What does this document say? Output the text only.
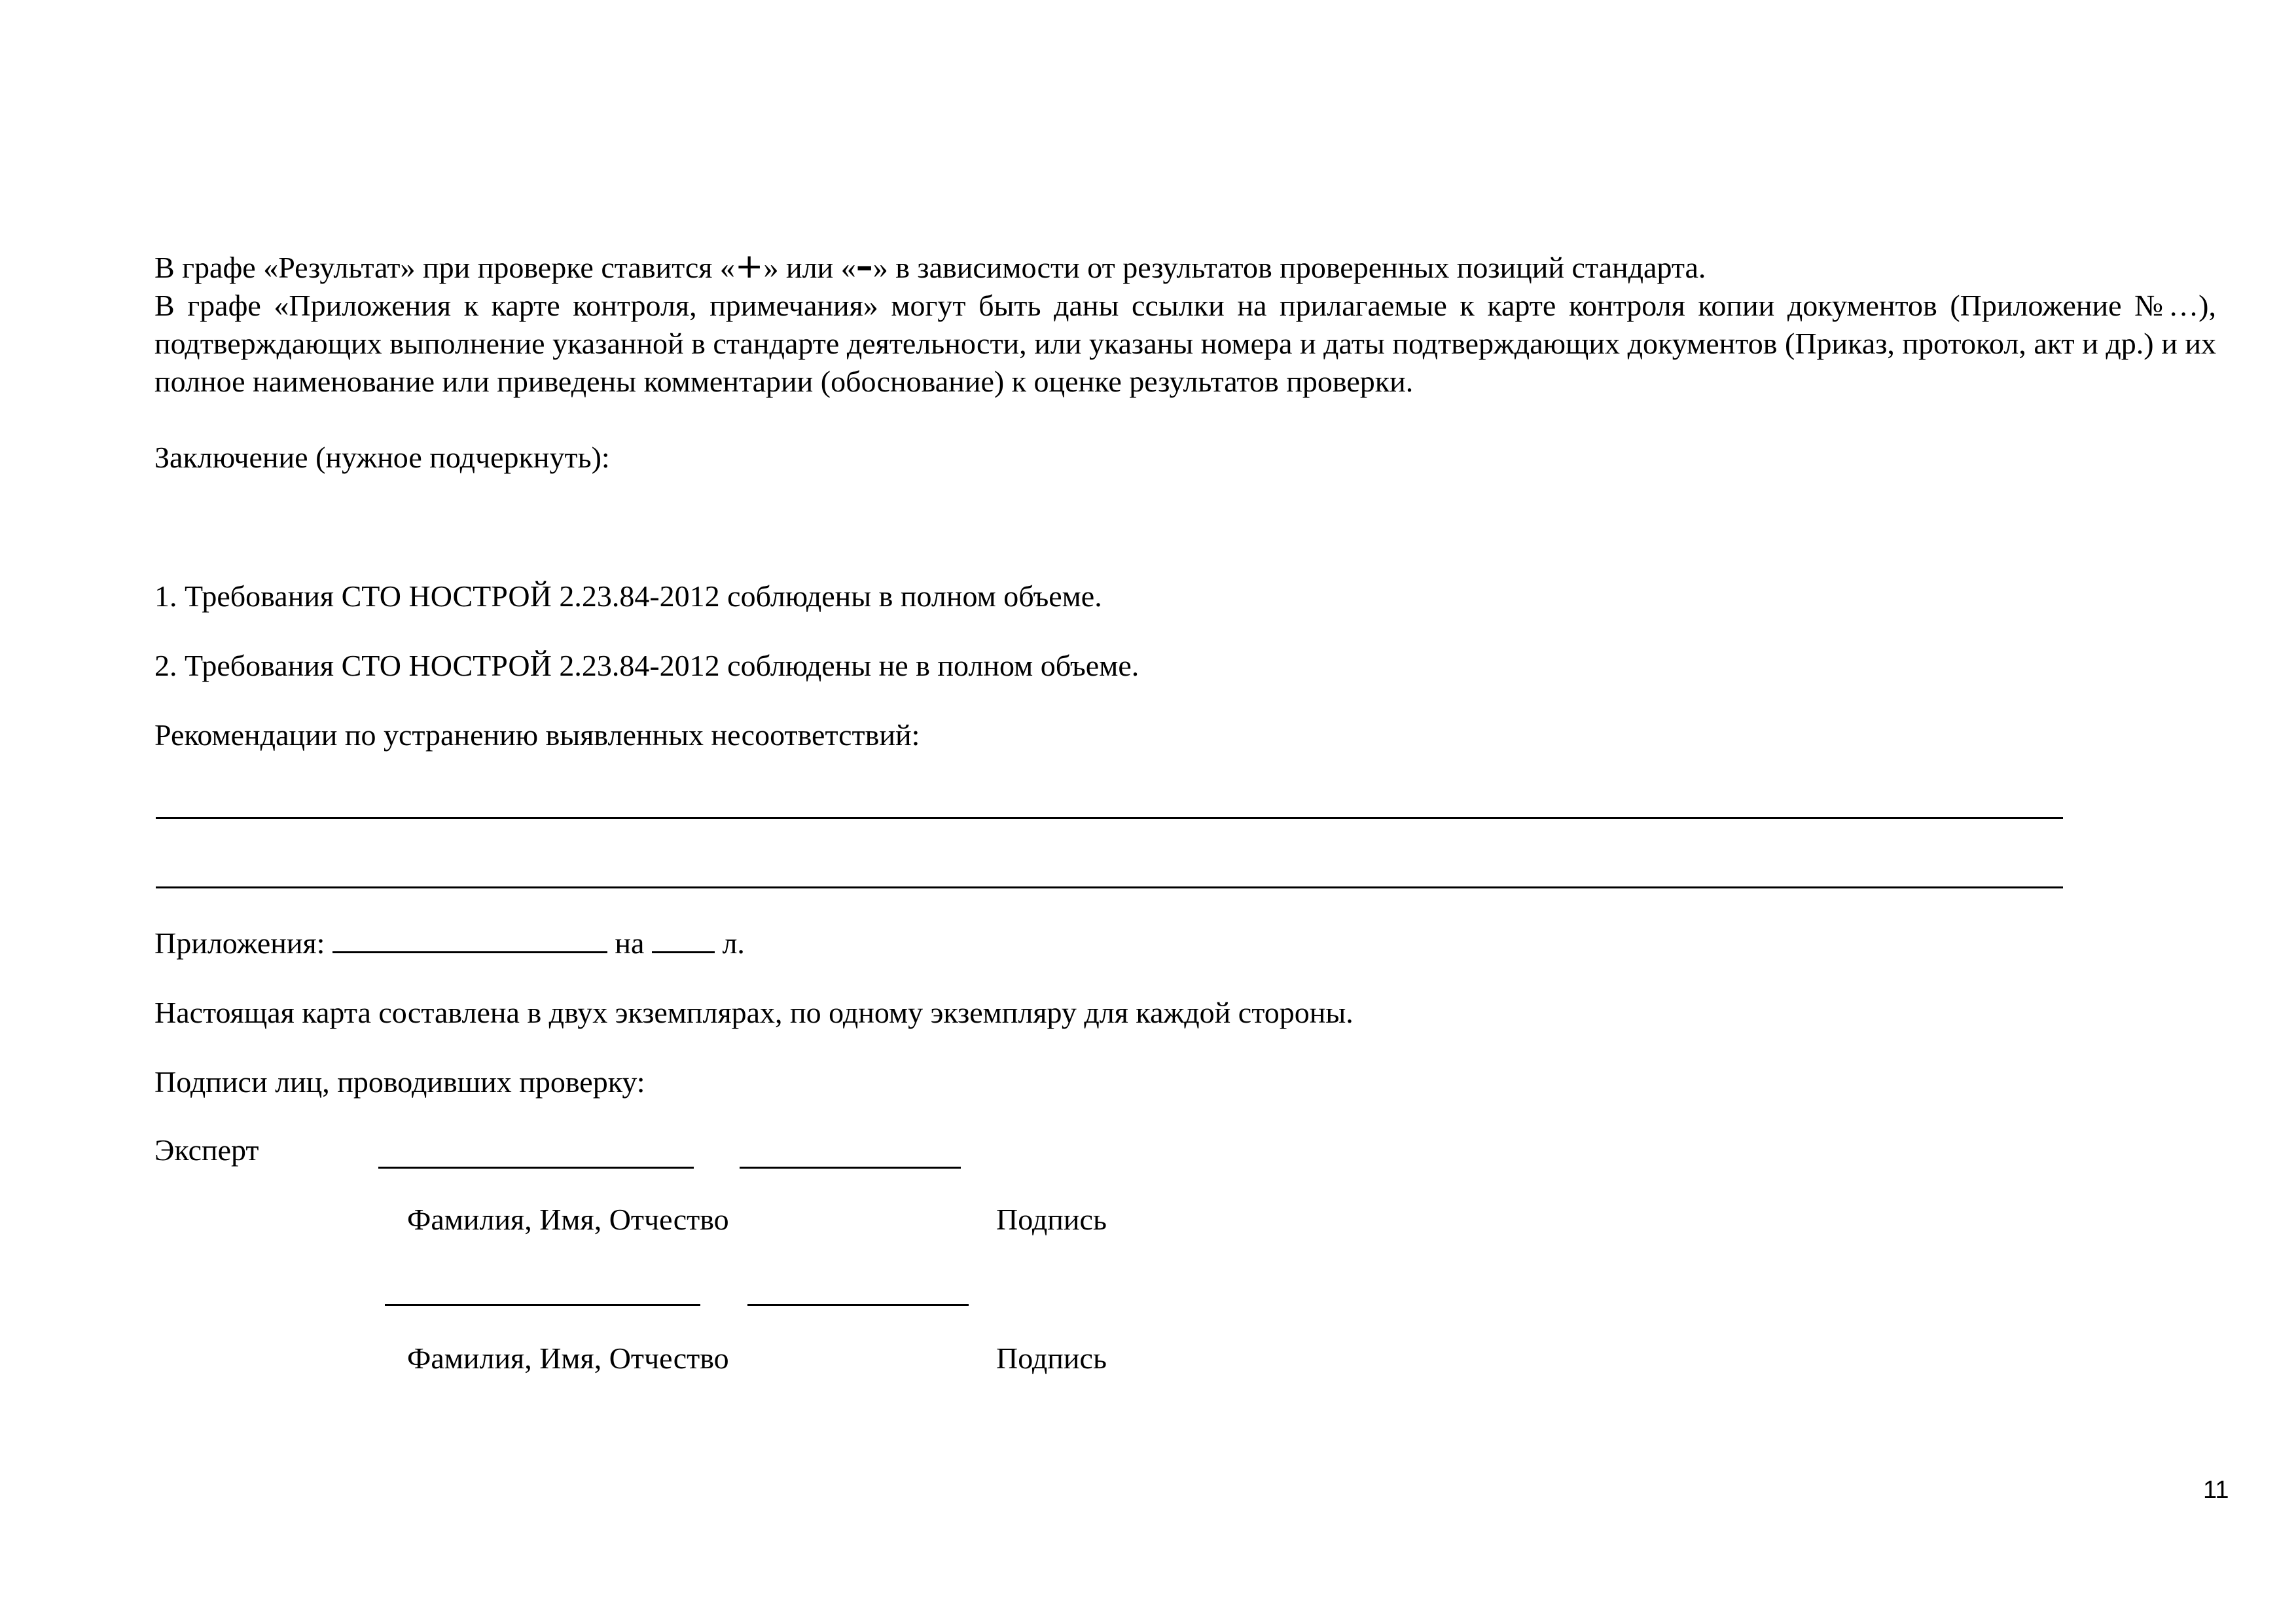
В графе «Результат» при проверке ставится «+» или «–» в зависимости от результатов проверенных позиций стандарта.
В графе «Приложения к карте контроля, примечания» могут быть даны ссылки на прилагаемые к карте контроля копии документов (Приложение №…), подтверждающих выполнение указанной в стандарте деятельности, или указаны номера и даты подтверждающих документов (Приказ, протокол, акт и др.) и их полное наименование или приведены комментарии (обоснование) к оценке результатов проверки.
Заключение (нужное подчеркнуть):
1. Требования СТО НОСТРОЙ 2.23.84-2012 соблюдены в полном объеме.
2. Требования СТО НОСТРОЙ 2.23.84-2012 соблюдены не в полном объеме.
Рекомендации по устранению выявленных несоответствий:
Приложения:	на	л.
Настоящая карта составлена в двух экземплярах, по одному экземпляру для каждой стороны.
Подписи лиц, проводивших проверку:
Эксперт
Фамилия, Имя, Отчество	Подпись
Фамилия, Имя, Отчество	Подпись
11
